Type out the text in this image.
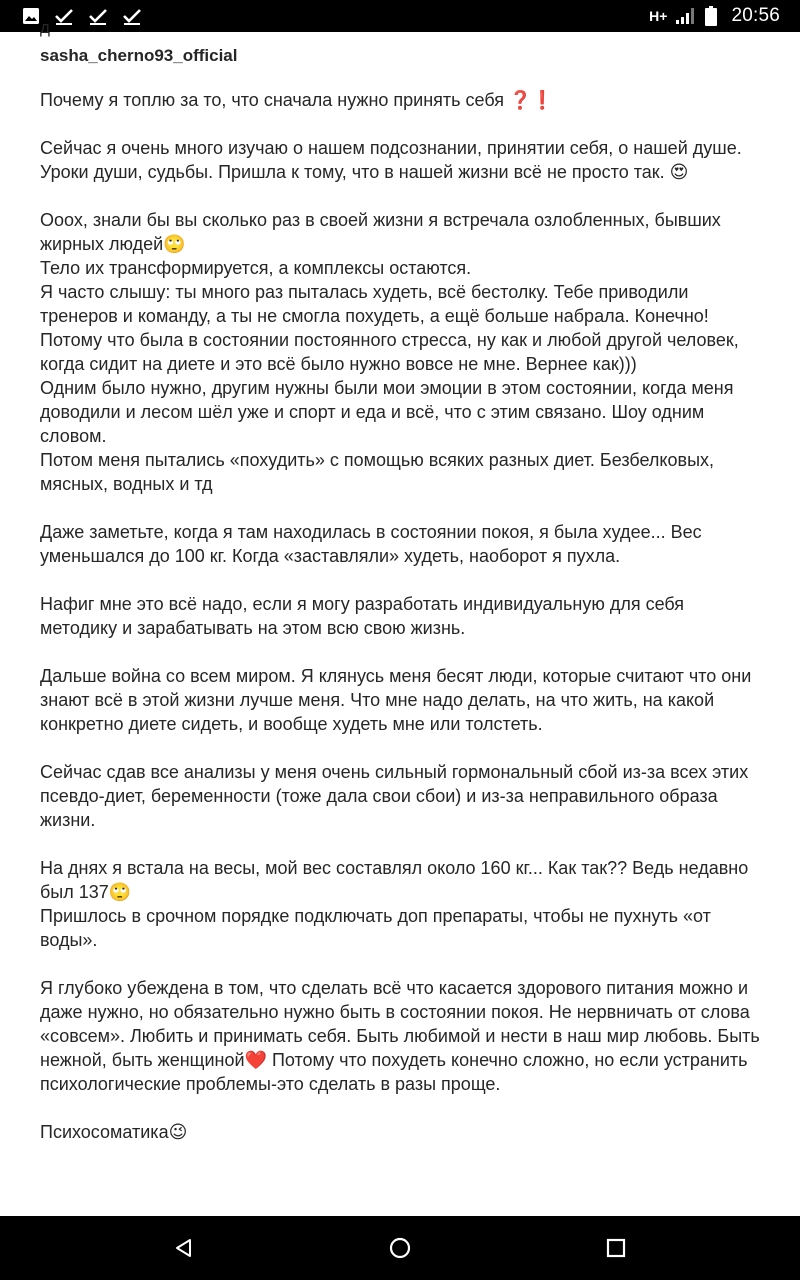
H+	20:56
д
sasha_cherno93_official

Почему я топлю за то, что сначала нужно принять себя ❓❗

Сейчас я очень много изучаю о нашем подсознании, принятии себя, о нашей душе. Уроки души, судьбы. Пришла к тому, что в нашей жизни всё не просто так. 😍

Ооох, знали бы вы сколько раз в своей жизни я встречала озлобленных, бывших жирных людей🙄
Тело их трансформируется, а комплексы остаются.
Я часто слышу: ты много раз пыталась худеть, всё бестолку. Тебе приводили тренеров и команду, а ты не смогла похудеть, а ещё больше набрала. Конечно! Потому что была в состоянии постоянного стресса, ну как и любой другой человек, когда сидит на диете и это всё было нужно вовсе не мне. Вернее как)))
Одним было нужно, другим нужны были мои эмоции в этом состоянии, когда меня доводили и лесом шёл уже и спорт и еда и всё, что с этим связано. Шоу одним словом.
Потом меня пытались «похудить» с помощью всяких разных диет. Безбелковых, мясных, водных и тд

Даже заметьте, когда я там находилась в состоянии покоя, я была худее... Вес уменьшался до 100 кг. Когда «заставляли» худеть, наоборот я пухла.

Нафиг мне это всё надо, если я могу разработать индивидуальную для себя методику и зарабатывать на этом всю свою жизнь.

Дальше война со всем миром. Я клянусь меня бесят люди, которые считают что они знают всё в этой жизни лучше меня. Что мне надо делать, на что жить, на какой конкретно диете сидеть, и вообще худеть мне или толстеть.

Сейчас сдав все анализы у меня очень сильный гормональный сбой из-за всех этих псевдо-диет, беременности (тоже дала свои сбои) и из-за неправильного образа жизни.

На днях я встала на весы, мой вес составлял около 160 кг... Как так?? Ведь недавно был 137🙄
Пришлось в срочном порядке подключать доп препараты, чтобы не пухнуть «от воды».

Я глубоко убеждена в том, что сделать всё что касается здорового питания можно и даже нужно, но обязательно нужно быть в состоянии покоя. Не нервничать от слова «совсем». Любить и принимать себя. Быть любимой и нести в наш мир любовь. Быть нежной, быть женщиной❤️ Потому что похудеть конечно сложно, но если устранить психологические проблемы-это сделать в разы проще.

Психосоматика😉
